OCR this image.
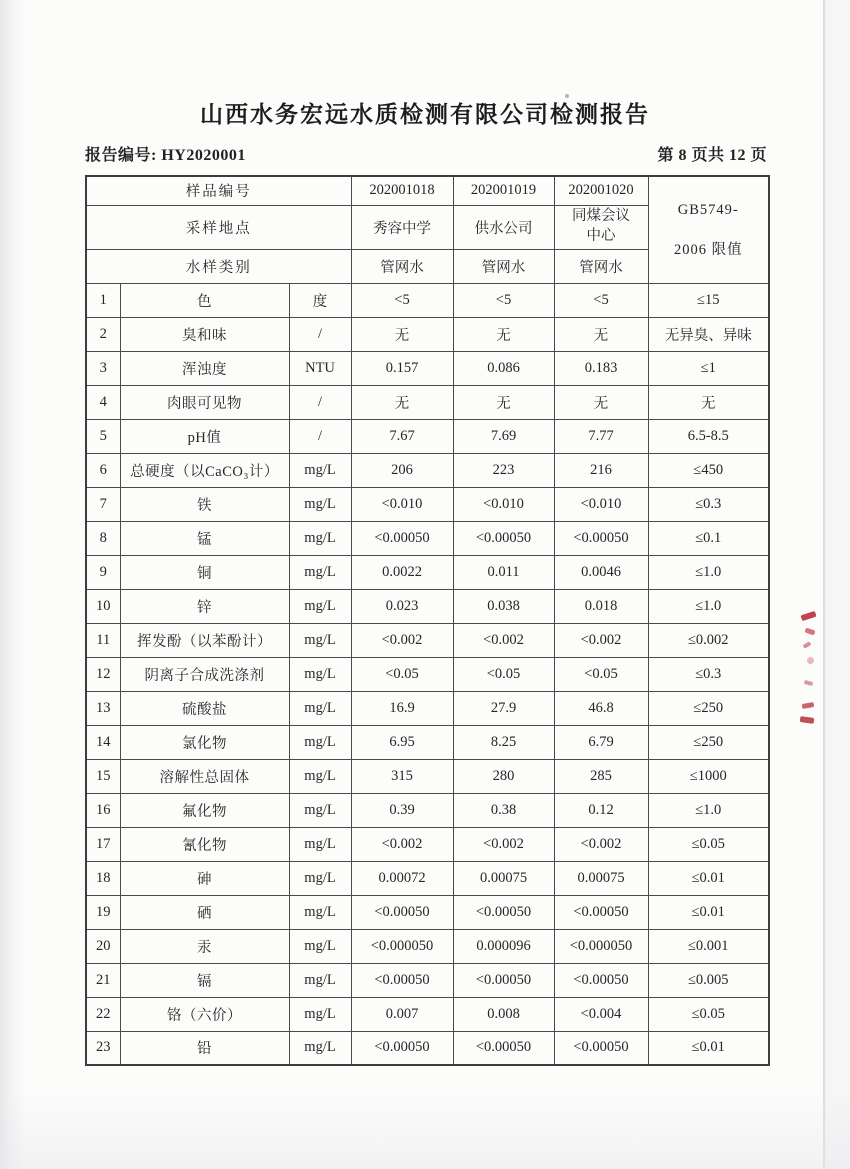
山西水务宏远水质检测有限公司检测报告
报告编号: HY2020001	第 8 页共 12 页
样品编号			202001018	202001019	202001020	GB5749-
2006 限值
采样地点			秀容中学	供水公司	同煤会议中心	
水样类别			管网水	管网水	管网水	
1	色	度	<5	<5	<5	≤15
2	臭和味	/	无	无	无	无异臭、异味
3	浑浊度	NTU	0.157	0.086	0.183	≤1
4	肉眼可见物	/	无	无	无	无
5	pH值	/	7.67	7.69	7.77	6.5-8.5
6	总硬度（以CaCO₃计）	mg/L	206	223	216	≤450
7	铁	mg/L	<0.010	<0.010	<0.010	≤0.3
8	锰	mg/L	<0.00050	<0.00050	<0.00050	≤0.1
9	铜	mg/L	0.0022	0.011	0.0046	≤1.0
10	锌	mg/L	0.023	0.038	0.018	≤1.0
11	挥发酚（以苯酚计）	mg/L	<0.002	<0.002	<0.002	≤0.002
12	阴离子合成洗涤剂	mg/L	<0.05	<0.05	<0.05	≤0.3
13	硫酸盐	mg/L	16.9	27.9	46.8	≤250
14	氯化物	mg/L	6.95	8.25	6.79	≤250
15	溶解性总固体	mg/L	315	280	285	≤1000
16	氟化物	mg/L	0.39	0.38	0.12	≤1.0
17	氰化物	mg/L	<0.002	<0.002	<0.002	≤0.05
18	砷	mg/L	0.00072	0.00075	0.00075	≤0.01
19	硒	mg/L	<0.00050	<0.00050	<0.00050	≤0.01
20	汞	mg/L	<0.000050	0.000096	<0.000050	≤0.001
21	镉	mg/L	<0.00050	<0.00050	<0.00050	≤0.005
22	铬（六价）	mg/L	0.007	0.008	<0.004	≤0.05
23	铅	mg/L	<0.00050	<0.00050	<0.00050	≤0.01
